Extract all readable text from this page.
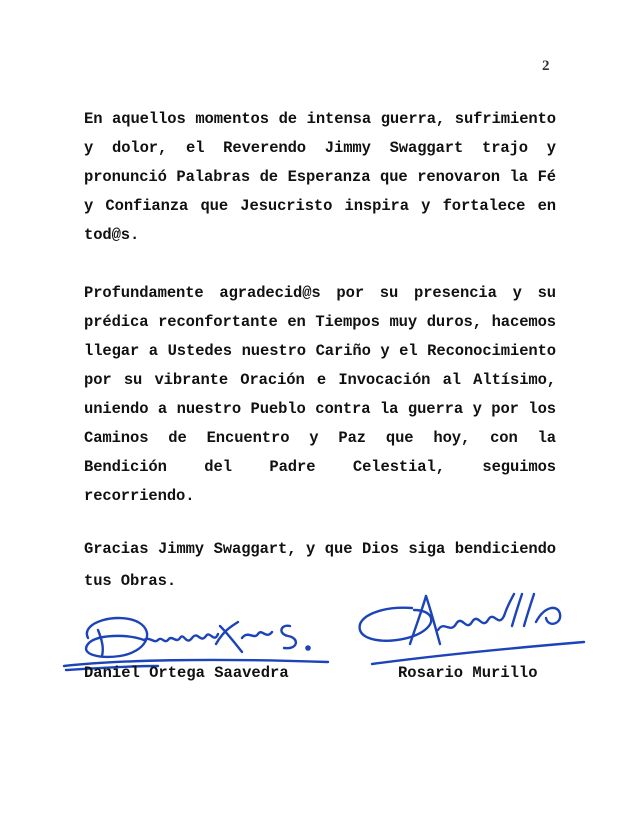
2
En aquellos momentos de intensa guerra, sufrimiento y dolor, el Reverendo Jimmy Swaggart trajo y pronunció Palabras de Esperanza que renovaron la Fé y Confianza que Jesucristo inspira y fortalece en tod@s.
Profundamente agradecid@s por su presencia y su prédica reconfortante en Tiempos muy duros, hacemos llegar a Ustedes nuestro Cariño y el Reconocimiento por su vibrante Oración e Invocación al Altísimo, uniendo a nuestro Pueblo contra la guerra y por los Caminos de Encuentro y Paz que hoy, con la Bendición del Padre Celestial, seguimos recorriendo.
Gracias Jimmy Swaggart, y que Dios siga bendiciendo tus Obras.
Daniel Ortega Saavedra	Rosario Murillo
